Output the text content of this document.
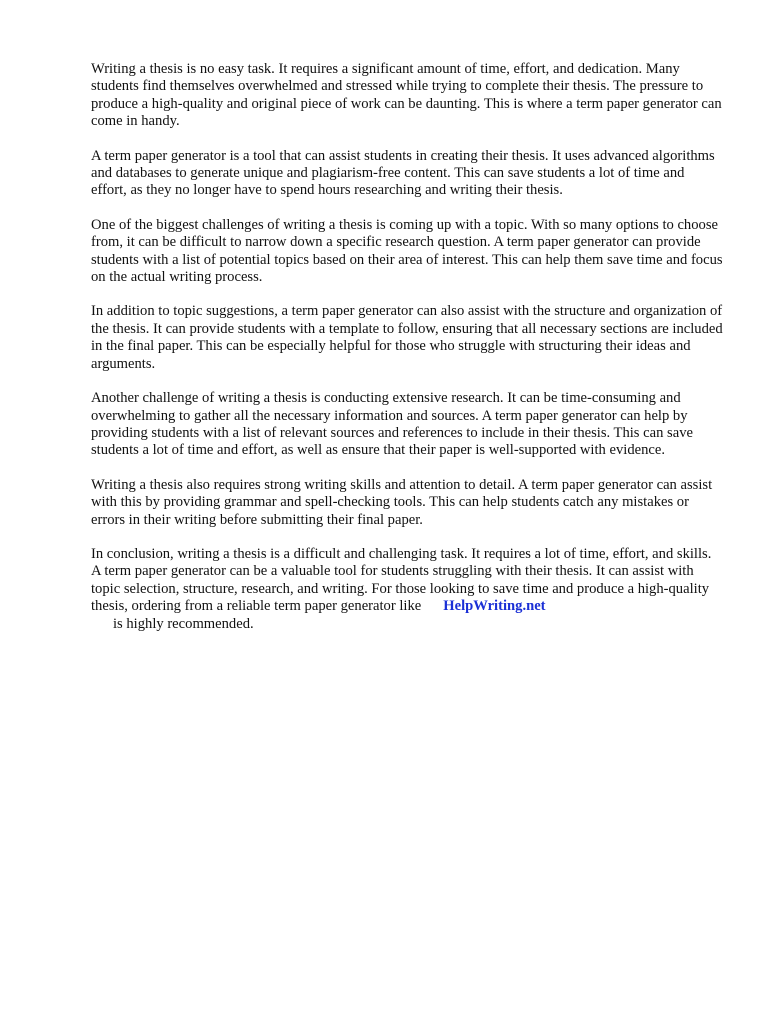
Writing a thesis is no easy task. It requires a significant amount of time, effort, and dedication. Many students find themselves overwhelmed and stressed while trying to complete their thesis. The pressure to produce a high-quality and original piece of work can be daunting. This is where a term paper generator can come in handy.

A term paper generator is a tool that can assist students in creating their thesis. It uses advanced algorithms and databases to generate unique and plagiarism-free content. This can save students a lot of time and effort, as they no longer have to spend hours researching and writing their thesis.

One of the biggest challenges of writing a thesis is coming up with a topic. With so many options to choose from, it can be difficult to narrow down a specific research question. A term paper generator can provide students with a list of potential topics based on their area of interest. This can help them save time and focus on the actual writing process.

In addition to topic suggestions, a term paper generator can also assist with the structure and organization of the thesis. It can provide students with a template to follow, ensuring that all necessary sections are included in the final paper. This can be especially helpful for those who struggle with structuring their ideas and arguments.

Another challenge of writing a thesis is conducting extensive research. It can be time-consuming and overwhelming to gather all the necessary information and sources. A term paper generator can help by providing students with a list of relevant sources and references to include in their thesis. This can save students a lot of time and effort, as well as ensure that their paper is well-supported with evidence.

Writing a thesis also requires strong writing skills and attention to detail. A term paper generator can assist with this by providing grammar and spell-checking tools. This can help students catch any mistakes or errors in their writing before submitting their final paper.

In conclusion, writing a thesis is a difficult and challenging task. It requires a lot of time, effort, and skills. A term paper generator can be a valuable tool for students struggling with their thesis. It can assist with topic selection, structure, research, and writing. For those looking to save time and produce a high-quality thesis, ordering from a reliable term paper generator like HelpWriting.net
is highly recommended.
